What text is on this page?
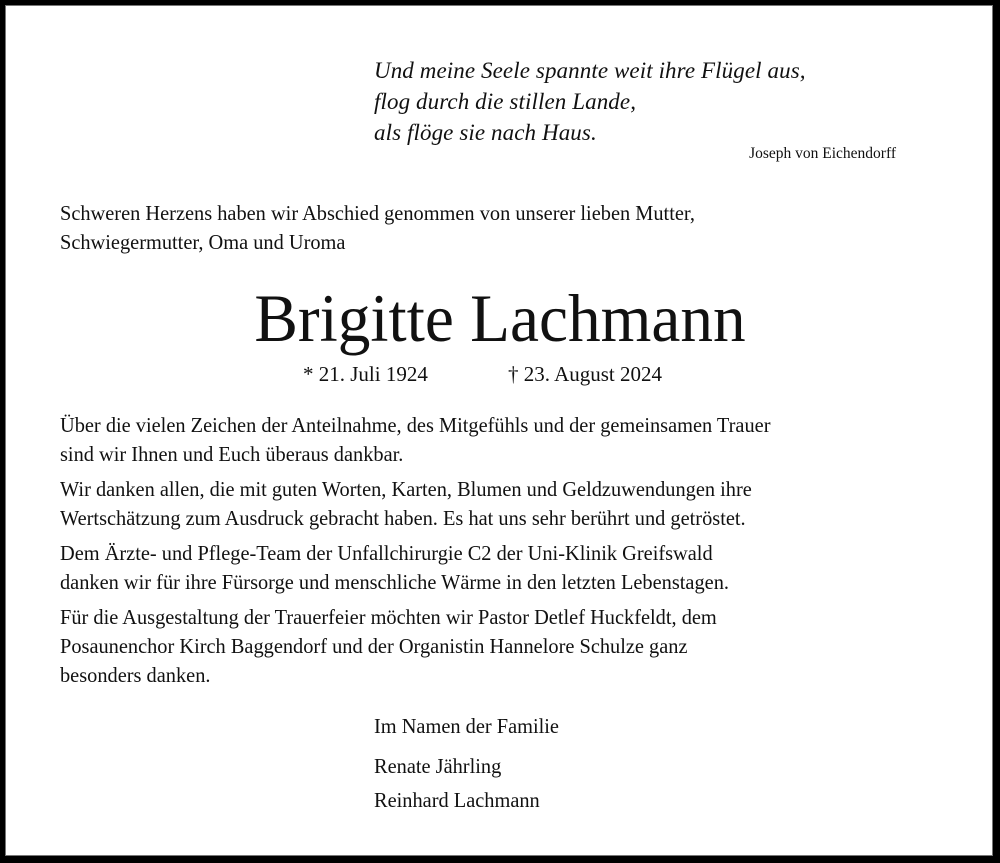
Und meine Seele spannte weit ihre Flügel aus,
flog durch die stillen Lande,
als flöge sie nach Haus.
Joseph von Eichendorff
Schweren Herzens haben wir Abschied genommen von unserer lieben Mutter,
Schwiegermutter, Oma und Uroma
Brigitte Lachmann
* 21. Juli 1924	† 23. August 2024
Über die vielen Zeichen der Anteilnahme, des Mitgefühls und der gemeinsamen Trauer
sind wir Ihnen und Euch überaus dankbar.
Wir danken allen, die mit guten Worten, Karten, Blumen und Geldzuwendungen ihre
Wertschätzung zum Ausdruck gebracht haben. Es hat uns sehr berührt und getröstet.
Dem Ärzte- und Pflege-Team der Unfallchirurgie C2 der Uni-Klinik Greifswald
danken wir für ihre Fürsorge und menschliche Wärme in den letzten Lebenstagen.
Für die Ausgestaltung der Trauerfeier möchten wir Pastor Detlef Huckfeldt, dem
Posaunenchor Kirch Baggendorf und der Organistin Hannelore Schulze ganz
besonders danken.
Im Namen der Familie
Renate Jährling
Reinhard Lachmann
